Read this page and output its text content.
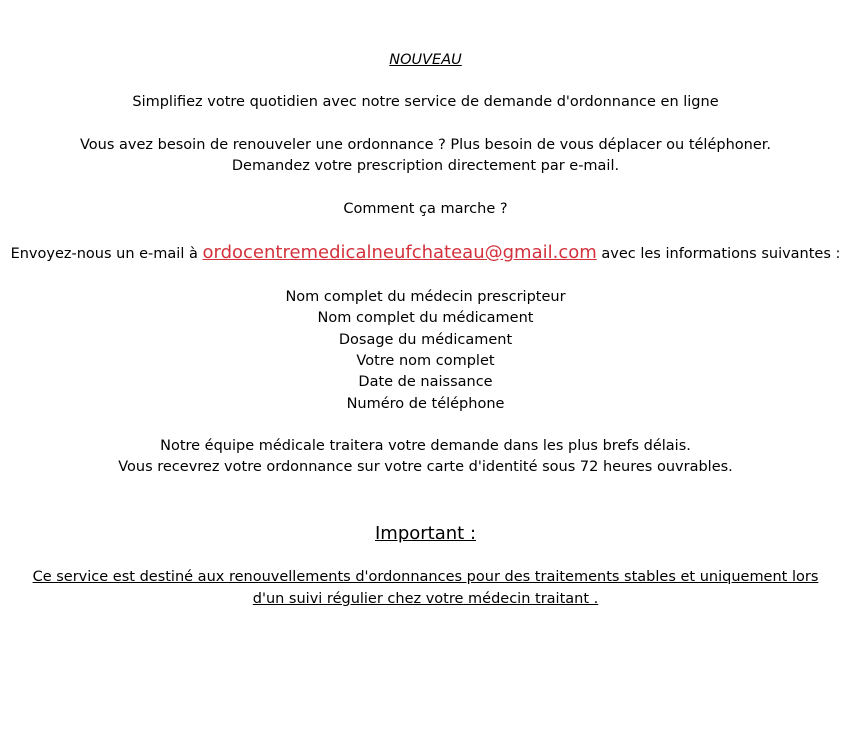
NOUVEAU
Simplifiez votre quotidien avec notre service de demande d'ordonnance en ligne
Vous avez besoin de renouveler une ordonnance ? Plus besoin de vous déplacer ou téléphoner.
Demandez votre prescription directement par e-mail.
Comment ça marche ?
Envoyez-nous un e-mail à ordocentremedicalneufchateau@gmail.com avec les informations suivantes :
Nom complet du médecin prescripteur
Nom complet du médicament
Dosage du médicament
Votre nom complet
Date de naissance
Numéro de téléphone
Notre équipe médicale traitera votre demande dans les plus brefs délais.
Vous recevrez votre ordonnance sur votre carte d'identité sous 72 heures ouvrables.
Important :
Ce service est destiné aux renouvellements d'ordonnances pour des traitements stables et uniquement lors
d'un suivi régulier chez votre médecin traitant .
